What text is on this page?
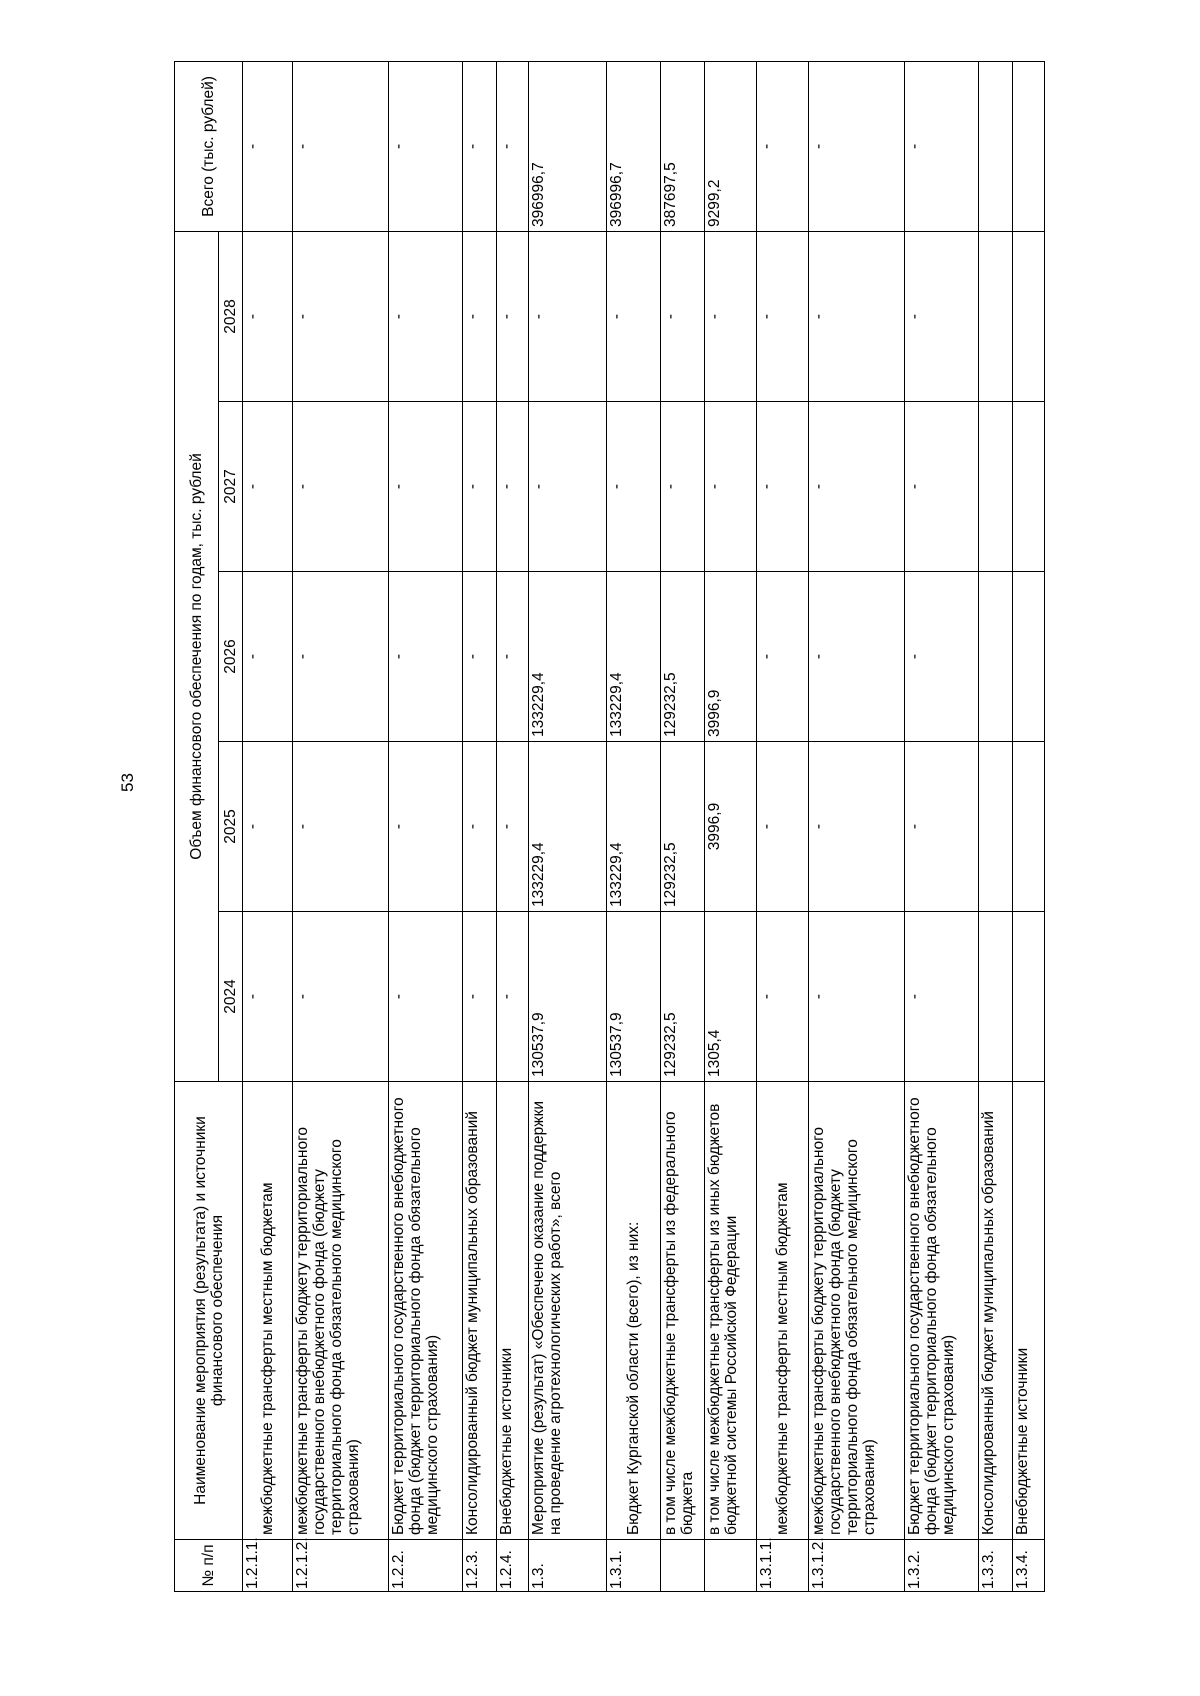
53
№ п/п	Наименование мероприятия (результата) и источники финансового обеспечения	Объем финансового обеспечения по годам, тыс. рублей					Всего (тыс. рублей)
		2024	2025	2026	2027	2028	
1.2.1.1.	межбюджетные трансферты местным бюджетам	-	-	-	-	-	-
1.2.1.2.	межбюджетные трансферты бюджету территориального государственного внебюджетного фонда (бюджету территориального фонда обязательного медицинского страхования)	-	-	-	-	-	-
1.2.2.	Бюджет территориального государственного внебюджетного фонда (бюджет территориального фонда обязательного медицинского страхования)	-	-	-	-	-	-
1.2.3.	Консолидированный бюджет муниципальных образований	-	-	-	-	-	-
1.2.4.	Внебюджетные источники	-	-	-	-	-	-
1.3.	Мероприятие (результат) «Обеспечено оказание поддержки на проведение агротехнологических работ», всего	130537,9	133229,4	133229,4	-	-	396996,7
1.3.1.	Бюджет Курганской области (всего), из них:	130537,9	133229,4	133229,4	-	-	396996,7
	в том числе межбюджетные трансферты из федерального бюджета	129232,5	129232,5	129232,5	-	-	387697,5
	в том числе межбюджетные трансферты из иных бюджетов бюджетной системы Российской Федерации	1305,4	3996,9	3996,9	-	-	9299,2
1.3.1.1.	межбюджетные трансферты местным бюджетам	-	-	-	-	-	-
1.3.1.2.	межбюджетные трансферты бюджету территориального государственного внебюджетного фонда (бюджету территориального фонда обязательного медицинского страхования)	-	-	-	-	-	-
1.3.2.	Бюджет территориального государственного внебюджетного фонда (бюджет территориального фонда обязательного медицинского страхования)	-	-	-	-	-	-
1.3.3.	Консолидированный бюджет муниципальных образований						
1.3.4.	Внебюджетные источники						
